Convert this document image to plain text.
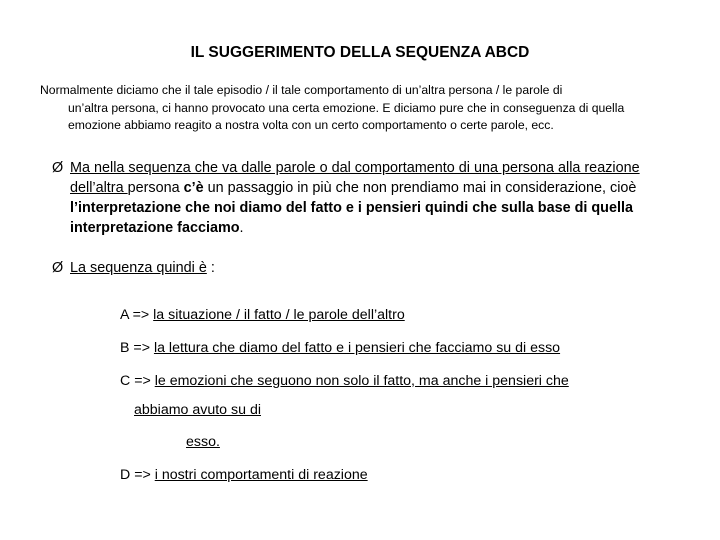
IL SUGGERIMENTO DELLA SEQUENZA ABCD
Normalmente diciamo che il tale episodio / il tale comportamento di un’altra persona / le parole di
un’altra persona, ci hanno provocato una certa emozione. E diciamo pure che in conseguenza di quella emozione abbiamo reagito a nostra volta con un certo comportamento o certe parole, ecc.
Ø Ma nella sequenza che va dalle parole o dal comportamento di una persona alla reazione dell’altra persona c’è un passaggio in più che non prendiamo mai in considerazione, cioè l’interpretazione che noi diamo del fatto e i pensieri quindi che sulla base di quella interpretazione facciamo.
Ø La sequenza quindi è :
A => la situazione / il fatto / le parole dell’altro
B => la lettura che diamo del fatto e i pensieri che facciamo su di esso
C => le emozioni che seguono non solo il fatto, ma anche i pensieri che
abbiamo avuto su di
esso.
D => i nostri comportamenti di reazione
